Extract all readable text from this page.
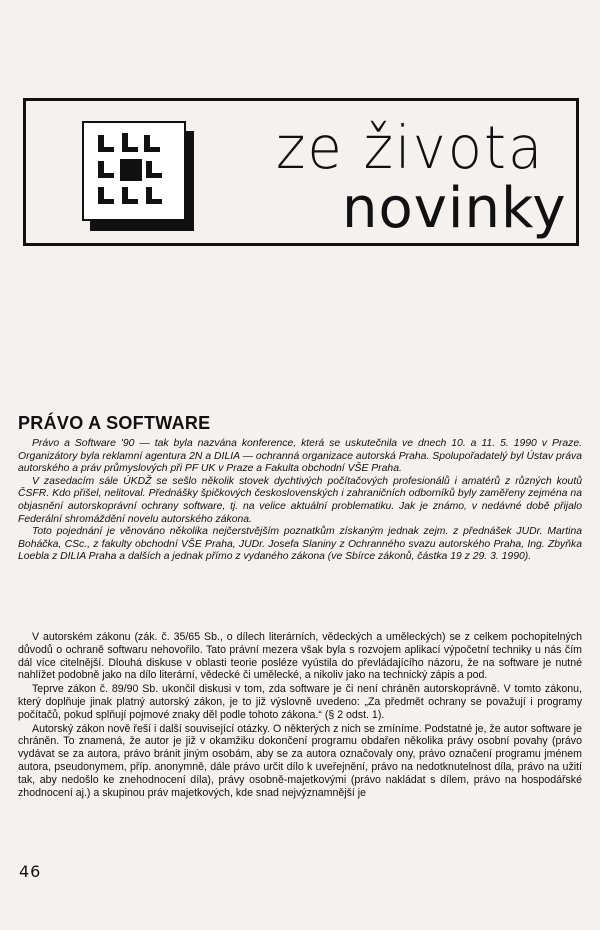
ze života
novinky
PRÁVO A SOFTWARE

Právo a Software '90 — tak byla nazvána konference, která se uskutečnila ve dnech 10. a 11. 5. 1990 v Praze. Organizátory byla reklamní agentura 2N a DILIA — ochranná organizace autorská Praha. Spolupořadatelý byl Ústav práva autorského a práv průmyslových při PF UK v Praze a Fakulta obchodní VŠE Praha.

V zasedacím sále ÚKDŽ se sešlo několik stovek dychtivých počítačových profesionálů i amatérů z různých koutů ČSFR. Kdo přišel, nelitoval. Přednášky špičkových československých i zahraničních odborníků byly zaměřeny zejména na objasnění autorskoprávní ochrany software, tj. na velice aktuální problematiku. Jak je známo, v nedávné době přijalo Federální shromáždění novelu autorského zákona.

Toto pojednání je věnováno několika nejčerstvějším poznatkům získaným jednak zejm. z přednášek JUDr. Martina Boháčka, CSc., z fakulty obchodní VŠE Praha, JUDr. Josefa Slaniny z Ochranného svazu autorského Praha, Ing. Zbyňka Loebla z DILIA Praha a dalších a jednak přímo z vydaného zákona (ve Sbírce zákonů, částka 19 z 29. 3. 1990).

V autorském zákonu (zák. č. 35/65 Sb., o dílech literárních, vědeckých a uměleckých) se z celkem pochopitelných důvodů o ochraně softwaru nehovořilo. Tato právní mezera však byla s rozvojem aplikací výpočetní techniky u nás čím dál více citelnější. Dlouhá diskuse v oblasti teorie posléze vyústila do převládajícího názoru, že na software je nutné nahlížet podobně jako na dílo literární, vědecké či umělecké, a nikoliv jako na technický zápis a pod.

Teprve zákon č. 89/90 Sb. ukončil diskusi v tom, zda software je či není chráněn autorskoprávně. V tomto zákonu, který doplňuje jinak platný autorský zákon, je to již výslovně uvedeno: „Za předmět ochrany se považují i programy počítačů, pokud splňují pojmové znaky děl podle tohoto zákona.“ (§ 2 odst. 1).

Autorský zákon nově řeší i další související otázky. O některých z nich se zmíníme. Podstatné je, že autor software je chráněn. To znamená, že autor je již v okamžiku dokončení programu obdařen několika právy osobní povahy (právo vydávat se za autora, právo bránit jiným osobám, aby se za autora označovaly ony, právo označení programu jménem autora, pseudonymem, příp. anonymně, dále právo určit dílo k uveřejnění, právo na nedotknutelnost díla, právo na užití tak, aby nedošlo ke znehodnocení díla), právy osobně-majetkovými (právo nakládat s dílem, právo na hospodářské zhodnocení aj.) a skupinou práv majetkových, kde snad nejvýznamnější je

46
